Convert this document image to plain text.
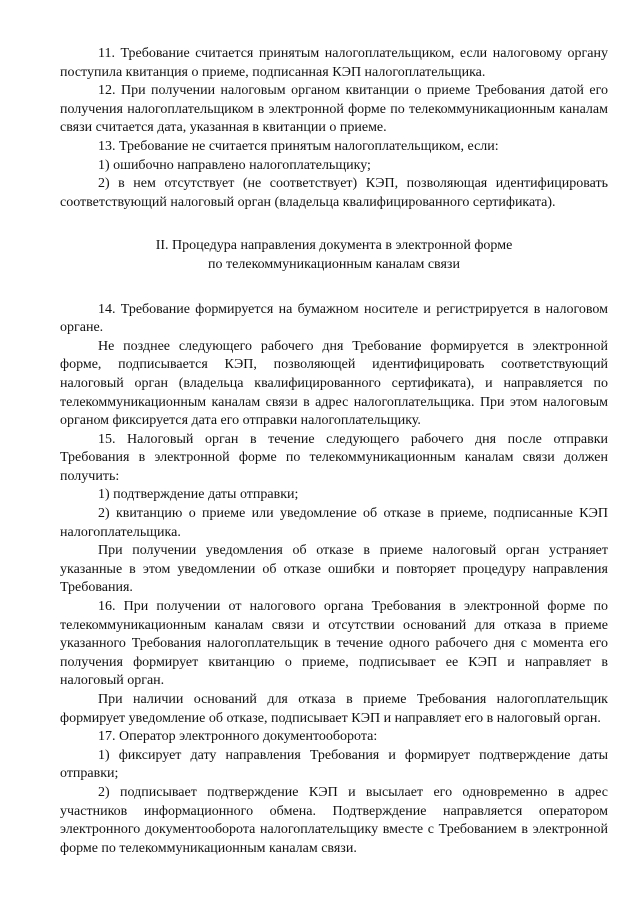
11. Требование считается принятым налогоплательщиком, если налоговому органу поступила квитанция о приеме, подписанная КЭП налогоплательщика.

12. При получении налоговым органом квитанции о приеме Требования датой его получения налогоплательщиком в электронной форме по телекоммуникационным каналам связи считается дата, указанная в квитанции о приеме.

13. Требование не считается принятым налогоплательщиком, если:

1) ошибочно направлено налогоплательщику;

2) в нем отсутствует (не соответствует) КЭП, позволяющая идентифицировать соответствующий налоговый орган (владельца квалифицированного сертификата).

II. Процедура направления документа в электронной форме

по телекоммуникационным каналам связи

14. Требование формируется на бумажном носителе и регистрируется в налоговом органе.

Не позднее следующего рабочего дня Требование формируется в электронной форме, подписывается КЭП, позволяющей идентифицировать соответствующий налоговый орган (владельца квалифицированного сертификата), и направляется по телекоммуникационным каналам связи в адрес налогоплательщика. При этом налоговым органом фиксируется дата его отправки налогоплательщику.

15. Налоговый орган в течение следующего рабочего дня после отправки Требования в электронной форме по телекоммуникационным каналам связи должен получить:

1) подтверждение даты отправки;

2) квитанцию о приеме или уведомление об отказе в приеме, подписанные КЭП налогоплательщика.

При получении уведомления об отказе в приеме налоговый орган устраняет указанные в этом уведомлении об отказе ошибки и повторяет процедуру направления Требования.

16. При получении от налогового органа Требования в электронной форме по телекоммуникационным каналам связи и отсутствии оснований для отказа в приеме указанного Требования налогоплательщик в течение одного рабочего дня с момента его получения формирует квитанцию о приеме, подписывает ее КЭП и направляет в налоговый орган.

При наличии оснований для отказа в приеме Требования налогоплательщик формирует уведомление об отказе, подписывает КЭП и направляет его в налоговый орган.

17. Оператор электронного документооборота:

1) фиксирует дату направления Требования и формирует подтверждение даты отправки;

2) подписывает подтверждение КЭП и высылает его одновременно в адрес участников информационного обмена. Подтверждение направляется оператором электронного документооборота налогоплательщику вместе с Требованием в электронной форме по телекоммуникационным каналам связи.
